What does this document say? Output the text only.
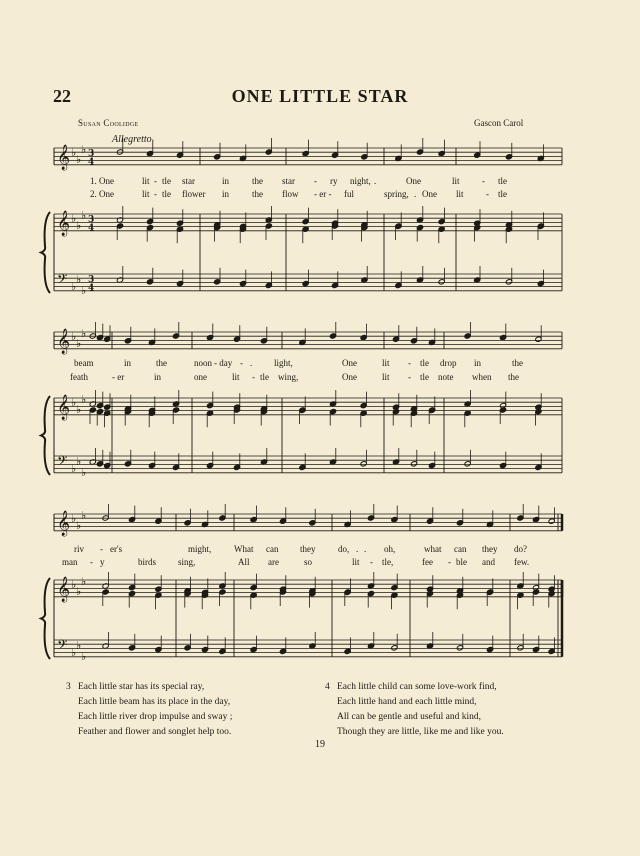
22	ONE LITTLE STAR
Susan Coolidge	Gascon Carol
Allegretto
𝄞 ♭
♭
♭ 3
4
𝄞 ♭
♭
♭ 3
4
𝄢 ♭
♭
♭
3
4
𝄞 ♭
♭
♭
𝄞 ♭
♭
♭
𝄢 ♭
♭
♭
𝄞 ♭
♭
♭
𝄞 ♭
♭
♭
𝄢 ♭
♭
♭
1. One	lit - tle star	in	the star - ry night, .	One	lit - tle
2. One	lit - tle flower in	the flow - er - ful	spring, . One lit - tle
beam	in	the	noon - day - . light,	One	lit - tle drop in	the
feath	- er	in	one	lit - tle wing,	One	lit - tle note when the
riv - er's	might,	What can they	do, . . oh,	what can they do?
man - y	birds sing,	All are	so	lit - tle,	fee - ble and few.
3 Each little star has its special ray,
Each little beam has its place in the day,
Each little river drop impulse and sway ;
Feather and flower and songlet help too.
4 Each little child can some love-work find,
Each little hand and each little mind,
All can be gentle and useful and kind,
Though they are little, like me and like you.
19
